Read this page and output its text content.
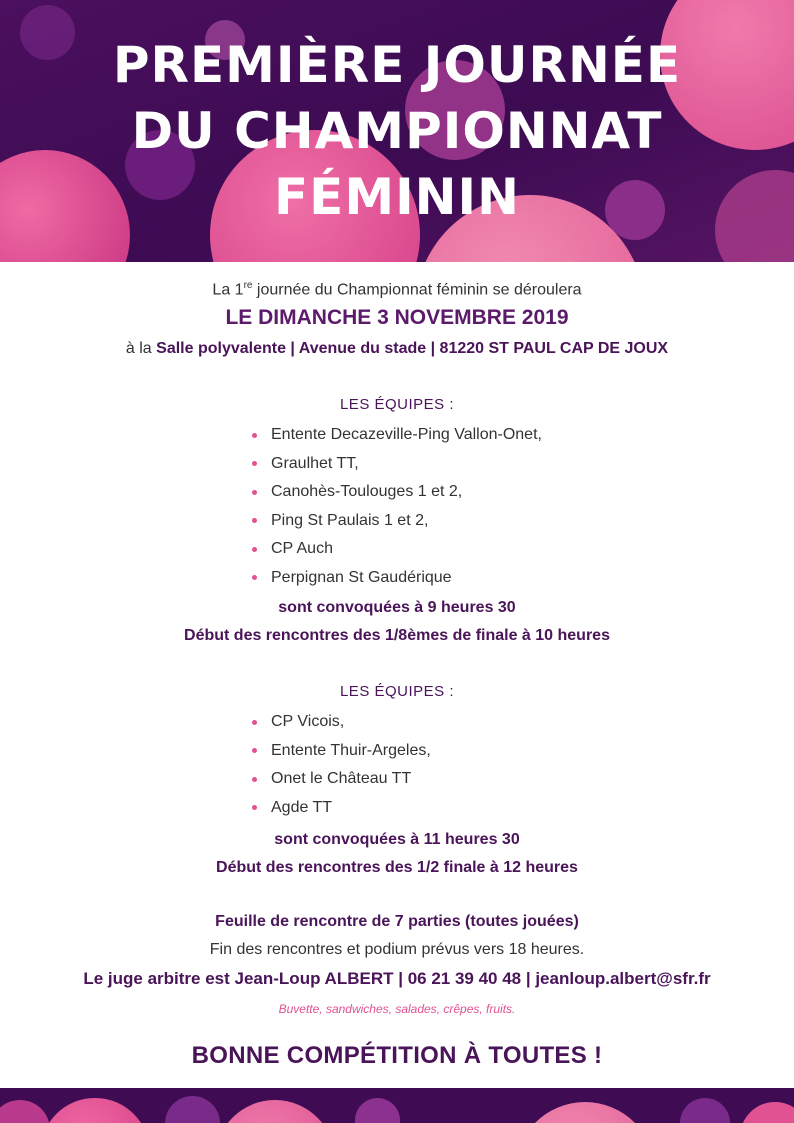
PREMIÈRE JOURNÉE
DU CHAMPIONNAT
FÉMININ
La 1re journée du Championnat féminin se déroulera
LE DIMANCHE 3 NOVEMBRE 2019
à la Salle polyvalente | Avenue du stade | 81220 ST PAUL CAP DE JOUX
LES ÉQUIPES :
Entente Decazeville-Ping Vallon-Onet,
Graulhet TT,
Canohès-Toulouges 1 et 2,
Ping St Paulais 1 et 2,
CP Auch
Perpignan St Gaudérique
sont convoquées à 9 heures 30
Début des rencontres des 1/8èmes de finale à 10 heures
LES ÉQUIPES :
CP Vicois,
Entente Thuir-Argeles,
Onet le Château TT
Agde TT
sont convoquées à 11 heures 30
Début des rencontres des 1/2 finale à 12 heures
Feuille de rencontre de 7 parties (toutes jouées)
Fin des rencontres et podium prévus vers 18 heures.
Le juge arbitre est Jean-Loup ALBERT | 06 21 39 40 48 | jeanloup.albert@sfr.fr
Buvette, sandwiches, salades, crêpes, fruits.
BONNE COMPÉTITION À TOUTES !
